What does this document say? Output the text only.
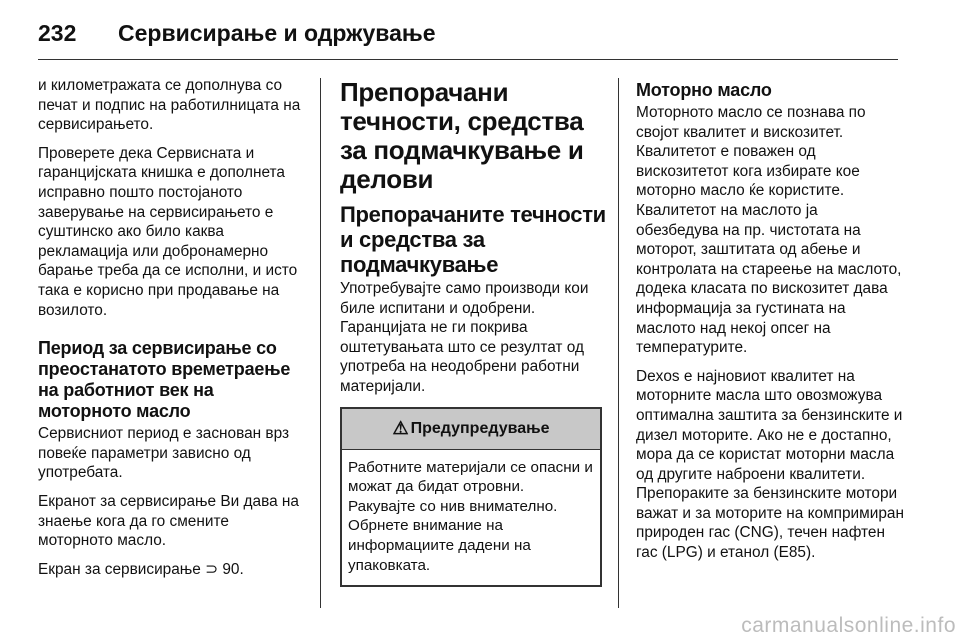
232 Сервисирање и одржување

и километражата се дополнува со печат и подпис на работилницата на сервисирањето.

Проверете дека Сервисната и гаранцијската книшка е дополнета исправно пошто постојаното заверување на сервисирањето е суштинско ако било каква рекламација или добронамерно барање треба да се исполни, и исто така е корисно при продавање на возилото.

Период за сервисирање со преостанатото времетраење на работниот век на моторното масло

Сервисниот период е заснован врз повеќе параметри зависно од употребата.

Екранот за сервисирање Ви дава на знаење кога да го смените моторното масло.

Екран за сервисирање ⊃ 90.

Препорачани течности, средства за подмачкување и делови
Препорачаните течности и средства за подмачкување

Употребувајте само производи кои биле испитани и одобрени. Гаранцијата не ги покрива оштетувањата што се резултат од употреба на неодобрени работни материјали.

⚠ Предупредување
Работните материјали се опасни и можат да бидат отровни. Ракувајте со нив внимателно. Обрнете внимание на информациите дадени на упаковката.
Моторно масло

Моторното масло се познава по својот квалитет и вискозитет. Квалитетот е поважен од вискозитетот кога избирате кое моторно масло ќе користите. Квалитетот на маслото ја обезбедува на пр. чистотата на моторот, заштитата од абење и контролата на стареење на маслото, додека класата по вискозитет дава информација за густината на маслото над некој опсег на температурите.

Dexos е најновиот квалитет на моторните масла што овозможува оптимална заштита за бензинските и дизел моторите. Ако не е достапно, мора да се користат моторни масла од другите наброени квалитети. Препораките за бензинските мотори важат и за моторите на компримиран природен гас (CNG), течен нафтен гас (LPG) и етанол (E85).

carmanualsonline.info
